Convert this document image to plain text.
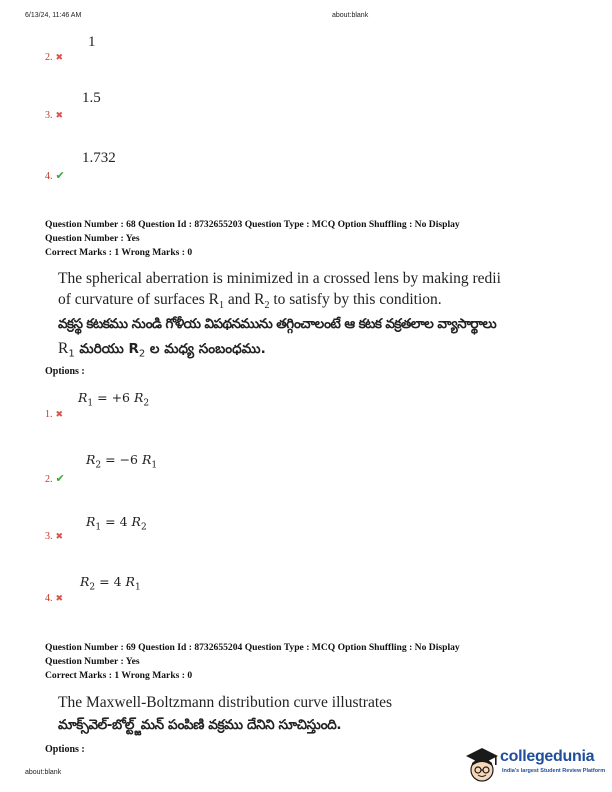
6/13/24, 11:46 AM	about:blank
1
2. ✖
1.5
3. ✖
1.732
4. ✔
Question Number : 68 Question Id : 8732655203 Question Type : MCQ Option Shuffling : No Display
Question Number : Yes
Correct Marks : 1 Wrong Marks : 0
The spherical aberration is minimized in a crossed lens by making redii
of curvature of surfaces $R_1$ and $R_2$ to satisfy by this condition.
వక్రస్థ కటకము నుండి గోళీయ విపథనమును తగ్గించాలంటే ఆ కటక వక్రతలాల వ్యాసార్థాలు
$R_1$ మరియు $R_2$ ల మధ్య సంబంధము.
Options :
$R_1 = +6$ $R_2$
1. ✖
$R_2 = -6$ $R_1$
2. ✔
$R_1 = 4$ $R_2$
3. ✖
$R_2 = 4$ $R_1$
4. ✖
Question Number : 69 Question Id : 8732655204 Question Type : MCQ Option Shuffling : No Display
Question Number : Yes
Correct Marks : 1 Wrong Marks : 0
The Maxwell-Boltzmann distribution curve illustrates
మాక్స్‌వెల్-బోల్ట్జ్‌మన్ పంపిణి వక్రము దేనిని సూచిస్తుంది.
Options :
about:blank
collegedunia
India's largest Student Review Platform
